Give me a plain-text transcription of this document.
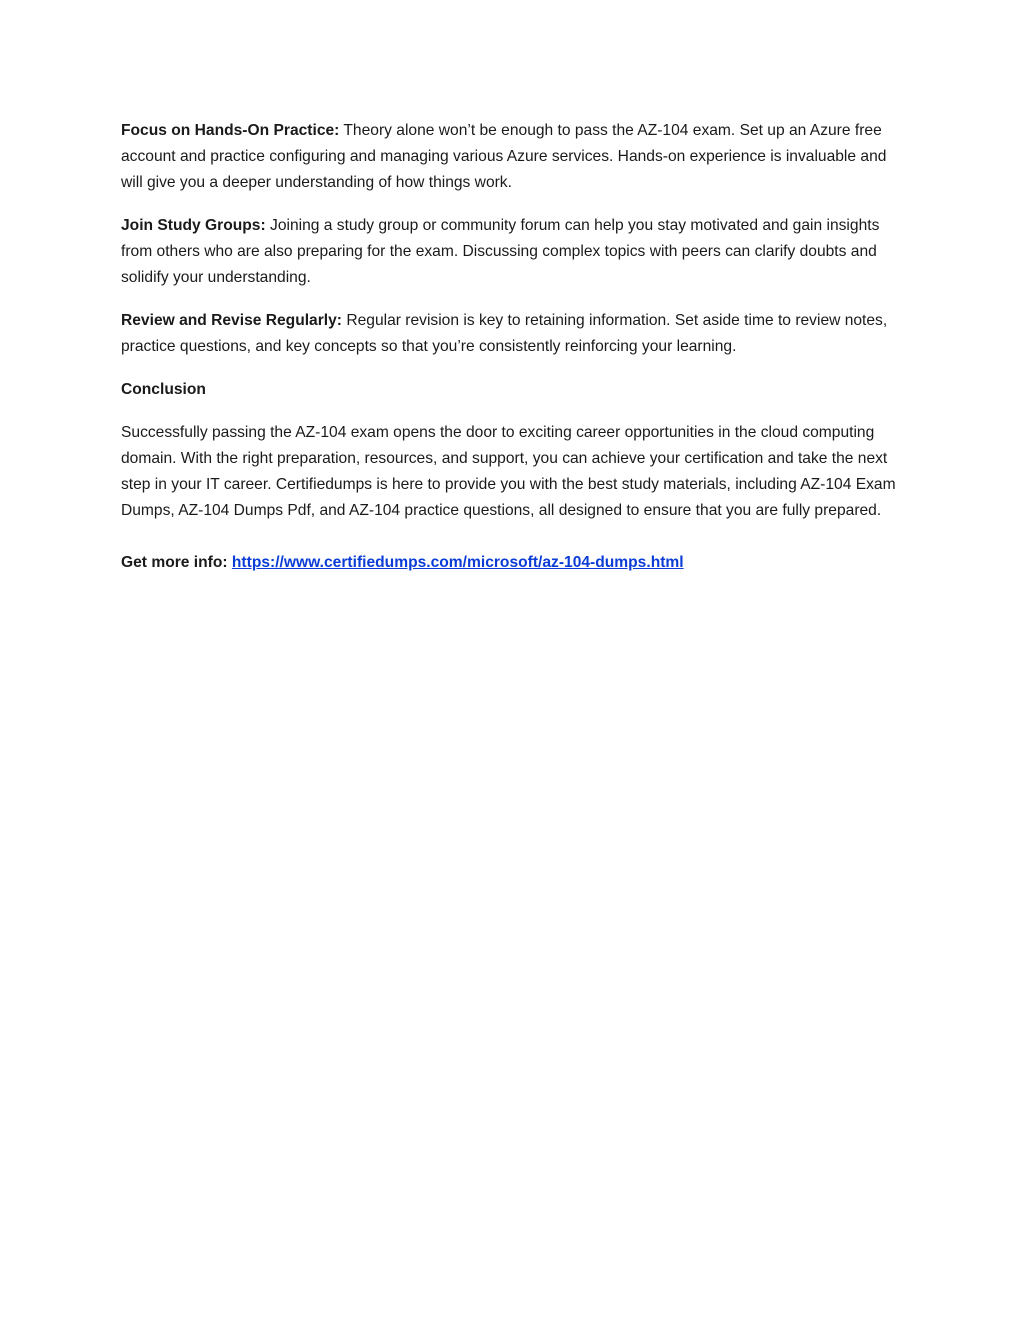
Focus on Hands-On Practice: Theory alone won’t be enough to pass the AZ-104 exam. Set up an Azure free account and practice configuring and managing various Azure services. Hands-on experience is invaluable and will give you a deeper understanding of how things work.

Join Study Groups: Joining a study group or community forum can help you stay motivated and gain insights from others who are also preparing for the exam. Discussing complex topics with peers can clarify doubts and solidify your understanding.

Review and Revise Regularly: Regular revision is key to retaining information. Set aside time to review notes, practice questions, and key concepts so that you’re consistently reinforcing your learning.

Conclusion

Successfully passing the AZ-104 exam opens the door to exciting career opportunities in the cloud computing domain. With the right preparation, resources, and support, you can achieve your certification and take the next step in your IT career. Certifiedumps is here to provide you with the best study materials, including AZ-104 Exam Dumps, AZ-104 Dumps Pdf, and AZ-104 practice questions, all designed to ensure that you are fully prepared.

Get more info: https://www.certifiedumps.com/microsoft/az-104-dumps.html
